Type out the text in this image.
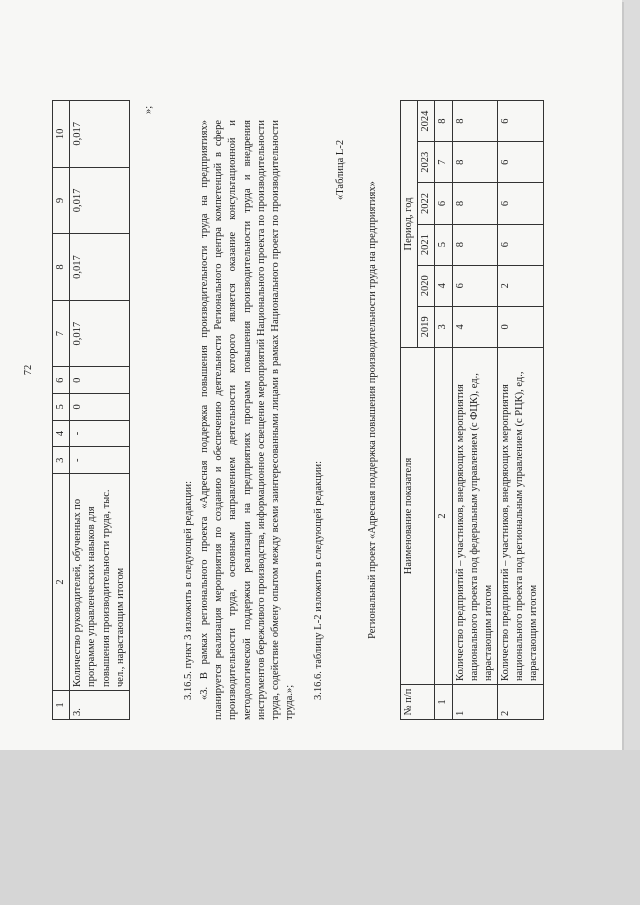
72
1	2	3	4	5	6	7	8	9	10
3.	Количество руководителей, обученных по программе управленческих навыков для повышения производительности труда, тыс. чел., нарастающим итогом	-	-	0	0	0,017	0,017	0,017	0,017
»;
3.16.5. пункт 3 изложить в следующей редакции: «3. В рамках регионального проекта «Адресная поддержка повышения производительности труда на предприятиях» планируется реализация мероприятия по созданию и обеспечению деятельности Регионального центра компетенций в сфере производительности труда, основным направлением деятельности которого является оказание консультационной и методологической поддержки реализации на предприятиях программ повышения производительности труда и внедрения инструментов бережливого производства, информационное освещение мероприятий Национального проекта по производительности труда, содействие обмену опытом между всеми заинтересованными лицами в рамках Национального проект по производительности труда.»;
3.16.6. таблицу L-2 изложить в следующей редакции:
«Таблица L-2
Региональный проект «Адресная поддержка повышения производительности труда на предприятиях»
№ п/п	Наименование показателя	Период, год					
		2019	2020	2021	2022	2023	2024
1	2	3	4	5	6	7	8
1	Количество предприятий – участников, внедряющих мероприятия национального проекта под федеральным управлением (с ФЦК), ед., нарастающим итогом	4	6	8	8	8	8
2	Количество предприятий – участников, внедряющих мероприятия национального проекта под региональным управлением (с РЦК), ед., нарастающим итогом	0	2	6	6	6	6
